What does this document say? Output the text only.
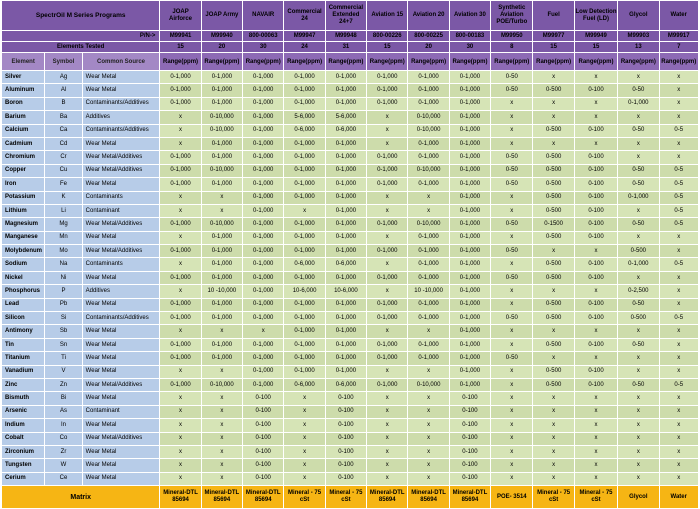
SpectrOil M Series Programs			JOAP Airforce	JOAP Army	NAVAIR	Commercial 24	Commercial Extended 24+7	Aviation 15	Aviation 20	Aviation 30	Synthetic Aviation POE/Turbo	Fuel	Low Detection Fuel (LD)	Glycol	Water
P/N->			M99941	M99940	800-00063	M99947	M99948	800-00226	800-00225	800-00183	M99950	M99977	M99949	M99903	M99917
Elements Tested			15	20	30	24	31	15	20	30	8	15	15	13	7
Element	Symbol	Common Source	Range(ppm)	Range(ppm)	Range(ppm)	Range(ppm)	Range(ppm)	Range(ppm)	Range(ppm)	Range(ppm)	Range(ppm)	Range(ppm)	Range(ppm)	Range(ppm)	Range(ppm)
Silver	Ag	Wear Metal	0-1,000	0-1,000	0-1,000	0-1,000	0-1,000	0-1,000	0-1,000	0-1,000	0-50	x	x	x	x
Aluminum	Al	Wear Metal	0-1,000	0-1,000	0-1,000	0-1,000	0-1,000	0-1,000	0-1,000	0-1,000	0-50	0-500	0-100	0-50	x
Boron	B	Contaminants/Additives	0-1,000	0-1,000	0-1,000	0-1,000	0-1,000	0-1,000	0-1,000	0-1,000	x	x	x	0-1,000	x
Barium	Ba	Additives	x	0-10,000	0-1,000	5-6,000	5-6,000	x	0-10,000	0-1,000	x	x	x	x	x
Calcium	Ca	Contaminants/Additives	x	0-10,000	0-1,000	0-6,000	0-6,000	x	0-10,000	0-1,000	x	0-500	0-100	0-50	0-5
Cadmium	Cd	Wear Metal	x	0-1,000	0-1,000	0-1,000	0-1,000	x	0-1,000	0-1,000	x	x	x	x	x
Chromium	Cr	Wear Metal/Additives	0-1,000	0-1,000	0-1,000	0-1,000	0-1,000	0-1,000	0-1,000	0-1,000	0-50	0-500	0-100	x	x
Copper	Cu	Wear Metal/Additives	0-1,000	0-10,000	0-1,000	0-1,000	0-1,000	0-1,000	0-10,000	0-1,000	0-50	0-500	0-100	0-50	0-5
Iron	Fe	Wear Metal	0-1,000	0-1,000	0-1,000	0-1,000	0-1,000	0-1,000	0-1,000	0-1,000	0-50	0-500	0-100	0-50	0-5
Potassium	K	Contaminants	x	x	0-1,000	0-1,000	0-1,000	x	x	0-1,000	x	0-500	0-100	0-1,000	0-5
Lithium	Li	Contaminant	x	x	0-1,000	x	0-1,000	x	x	0-1,000	x	0-500	0-100	x	0-5
Magnesium	Mg	Wear Metal/Additives	0-1,000	0-10,000	0-1,000	0-1,000	0-1,000	0-1,000	0-10,000	0-1,000	0-50	0-1500	0-100	0-50	0-5
Manganese	Mn	Wear Metal	x	0-1,000	0-1,000	0-1,000	0-1,000	x	0-1,000	0-1,000	x	0-500	0-100	x	x
Molybdenum	Mo	Wear Metal/Additives	0-1,000	0-1,000	0-1,000	0-1,000	0-1,000	0-1,000	0-1,000	0-1,000	0-50	x	x	0-500	x
Sodium	Na	Contaminants	x	0-1,000	0-1,000	0-6,000	0-6,000	x	0-1,000	0-1,000	x	0-500	0-100	0-1,000	0-5
Nickel	Ni	Wear Metal	0-1,000	0-1,000	0-1,000	0-1,000	0-1,000	0-1,000	0-1,000	0-1,000	0-50	0-500	0-100	x	x
Phosphorus	P	Additives	x	10 -10,000	0-1,000	10-6,000	10-6,000	x	10 -10,000	0-1,000	x	x	x	0-2,500	x
Lead	Pb	Wear Metal	0-1,000	0-1,000	0-1,000	0-1,000	0-1,000	0-1,000	0-1,000	0-1,000	x	0-500	0-100	0-50	x
Silicon	Si	Contaminants/Additives	0-1,000	0-1,000	0-1,000	0-1,000	0-1,000	0-1,000	0-1,000	0-1,000	0-50	0-500	0-100	0-500	0-5
Antimony	Sb	Wear Metal	x	x	x	0-1,000	0-1,000	x	x	0-1,000	x	x	x	x	x
Tin	Sn	Wear Metal	0-1,000	0-1,000	0-1,000	0-1,000	0-1,000	0-1,000	0-1,000	0-1,000	x	0-500	0-100	0-50	x
Titanium	Ti	Wear Metal	0-1,000	0-1,000	0-1,000	0-1,000	0-1,000	0-1,000	0-1,000	0-1,000	0-50	x	x	x	x
Vanadium	V	Wear Metal	x	x	0-1,000	0-1,000	0-1,000	x	x	0-1,000	x	0-500	0-100	x	x
Zinc	Zn	Wear Metal/Additives	0-1,000	0-10,000	0-1,000	0-6,000	0-6,000	0-1,000	0-10,000	0-1,000	x	0-500	0-100	0-50	0-5
Bismuth	Bi	Wear Metal	x	x	0-100	x	0-100	x	x	0-100	x	x	x	x	x
Arsenic	As	Contaminant	x	x	0-100	x	0-100	x	x	0-100	x	x	x	x	x
Indium	In	Wear Metal	x	x	0-100	x	0-100	x	x	0-100	x	x	x	x	x
Cobalt	Co	Wear Metal/Additives	x	x	0-100	x	0-100	x	x	0-100	x	x	x	x	x
Zirconium	Zr	Wear Metal	x	x	0-100	x	0-100	x	x	0-100	x	x	x	x	x
Tungsten	W	Wear Metal	x	x	0-100	x	0-100	x	x	0-100	x	x	x	x	x
Cerium	Ce	Wear Metal	x	x	0-100	x	0-100	x	x	0-100	x	x	x	x	x
Matrix			Mineral-DTL 85694	Mineral-DTL 85694	Mineral-DTL 85694	Mineral - 75 cSt	Mineral - 75 cSt	Mineral-DTL 85694	Mineral-DTL 85694	Mineral-DTL 85694	POE- 3514	Mineral - 75 cSt	Mineral - 75 cSt	Glycol	Water
